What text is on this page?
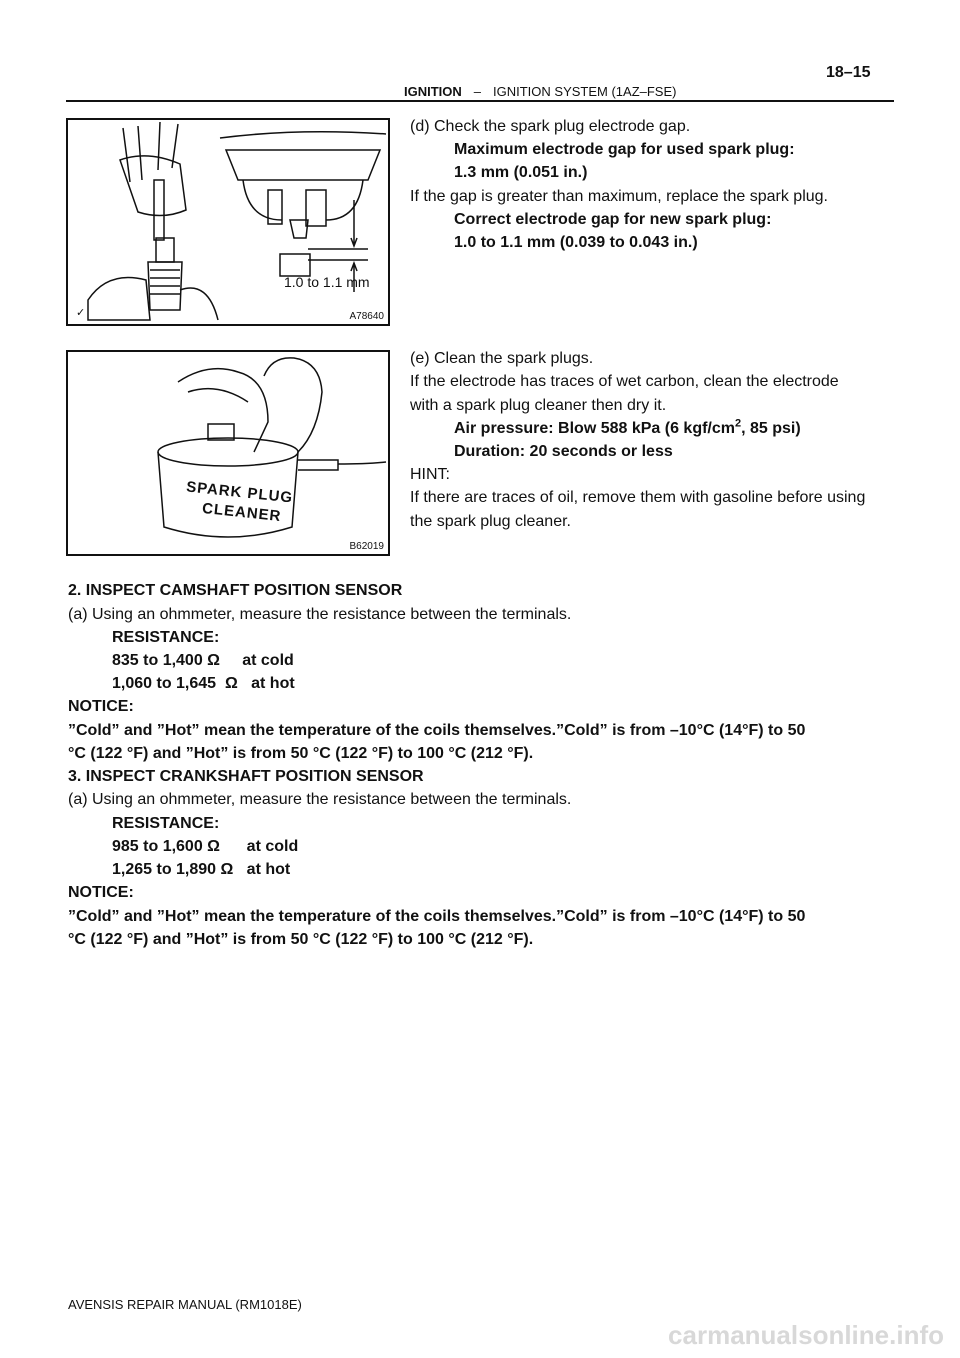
18–15
IGNITION – IGNITION SYSTEM (1AZ–FSE)
✓
1.0 to 1.1 mm
A78640
SPARK PLUG
CLEANER
B62019
(d) Check the spark plug electrode gap.
Maximum electrode gap for used spark plug:
1.3 mm (0.051 in.)
If the gap is greater than maximum, replace the spark plug.
Correct electrode gap for new spark plug:
1.0 to 1.1 mm (0.039 to 0.043 in.)
(e) Clean the spark plugs.
If the electrode has traces of wet carbon, clean the electrode
with a spark plug cleaner then dry it.
Air pressure: Blow 588 kPa (6 kgf/$cm^2$, 85 psi)
Duration: 20 seconds or less
HINT:
If there are traces of oil, remove them with gasoline before using
the spark plug cleaner.
2. INSPECT CAMSHAFT POSITION SENSOR
(a) Using an ohmmeter, measure the resistance between the terminals.
RESISTANCE:
835 to 1,400 Ω     at cold
1,060 to 1,645  Ω   at hot
NOTICE:
”Cold” and ”Hot” mean the temperature of the coils themselves.”Cold” is from –10°C (14°F) to 50
°C (122 °F) and ”Hot” is from 50 °C (122 °F) to 100 °C (212 °F).
3. INSPECT CRANKSHAFT POSITION SENSOR
(a) Using an ohmmeter, measure the resistance between the terminals.
RESISTANCE:
985 to 1,600 Ω      at cold
1,265 to 1,890 Ω   at hot
NOTICE:
”Cold” and ”Hot” mean the temperature of the coils themselves.”Cold” is from –10°C (14°F) to 50
°C (122 °F) and ”Hot” is from 50 °C (122 °F) to 100 °C (212 °F).
AVENSIS REPAIR MANUAL (RM1018E)
carmanualsonline.info
